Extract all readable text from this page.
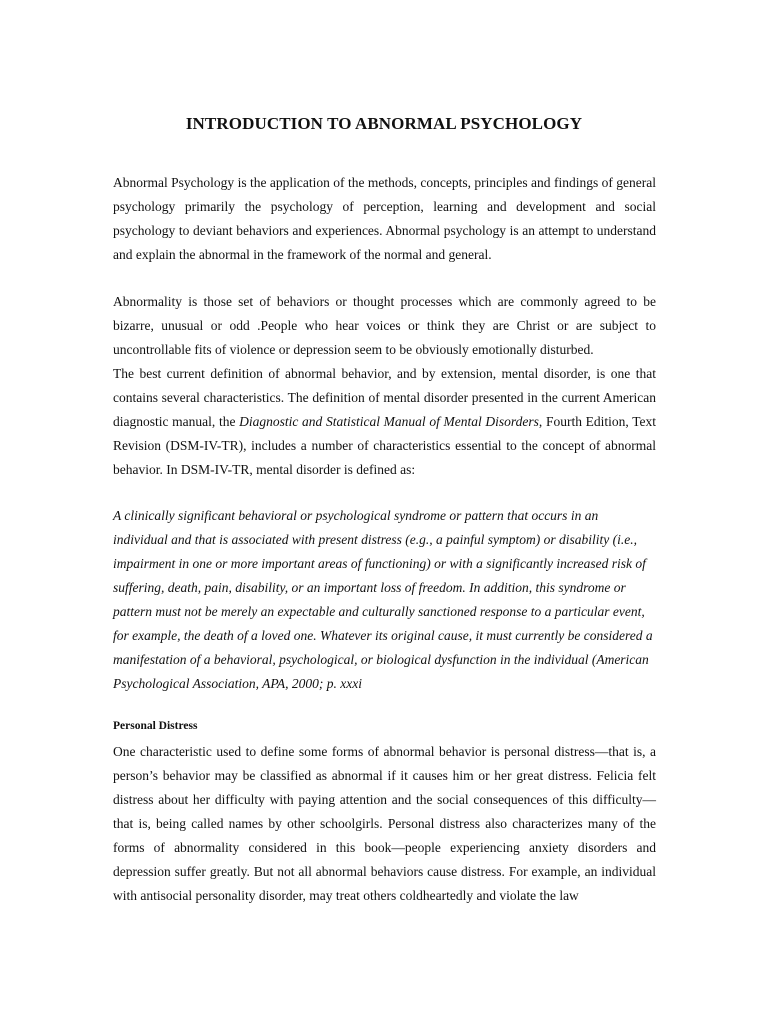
INTRODUCTION TO ABNORMAL PSYCHOLOGY
Abnormal Psychology is the application of the methods, concepts, principles and findings of general psychology primarily the psychology of perception, learning and development and social psychology to deviant behaviors and experiences. Abnormal psychology is an attempt to understand and explain the abnormal in the framework of the normal and general.
Abnormality is those set of behaviors or thought processes which are commonly agreed to be bizarre, unusual or odd .People who hear voices or think they are Christ or are subject to uncontrollable fits of violence or depression seem to be obviously emotionally disturbed.
The best current definition of abnormal behavior, and by extension, mental disorder, is one that contains several characteristics. The definition of mental disorder presented in the current American diagnostic manual, the Diagnostic and Statistical Manual of Mental Disorders, Fourth Edition, Text Revision (DSM-IV-TR), includes a number of characteristics essential to the concept of abnormal behavior. In DSM-IV-TR, mental disorder is defined as:
A clinically significant behavioral or psychological syndrome or pattern that occurs in an individual and that is associated with present distress (e.g., a painful symptom) or disability (i.e., impairment in one or more important areas of functioning) or with a significantly increased risk of suffering, death, pain, disability, or an important loss of freedom. In addition, this syndrome or pattern must not be merely an expectable and culturally sanctioned response to a particular event, for example, the death of a loved one. Whatever its original cause, it must currently be considered a manifestation of a behavioral, psychological, or biological dysfunction in the individual (American Psychological Association, APA, 2000; p. xxxi
Personal Distress
One characteristic used to define some forms of abnormal behavior is personal distress—that is, a person’s behavior may be classified as abnormal if it causes him or her great distress. Felicia felt distress about her difficulty with paying attention and the social consequences of this difficulty—that is, being called names by other schoolgirls. Personal distress also characterizes many of the forms of abnormality considered in this book—people experiencing anxiety disorders and depression suffer greatly. But not all abnormal behaviors cause distress. For example, an individual with antisocial personality disorder, may treat others coldheartedly and violate the law
